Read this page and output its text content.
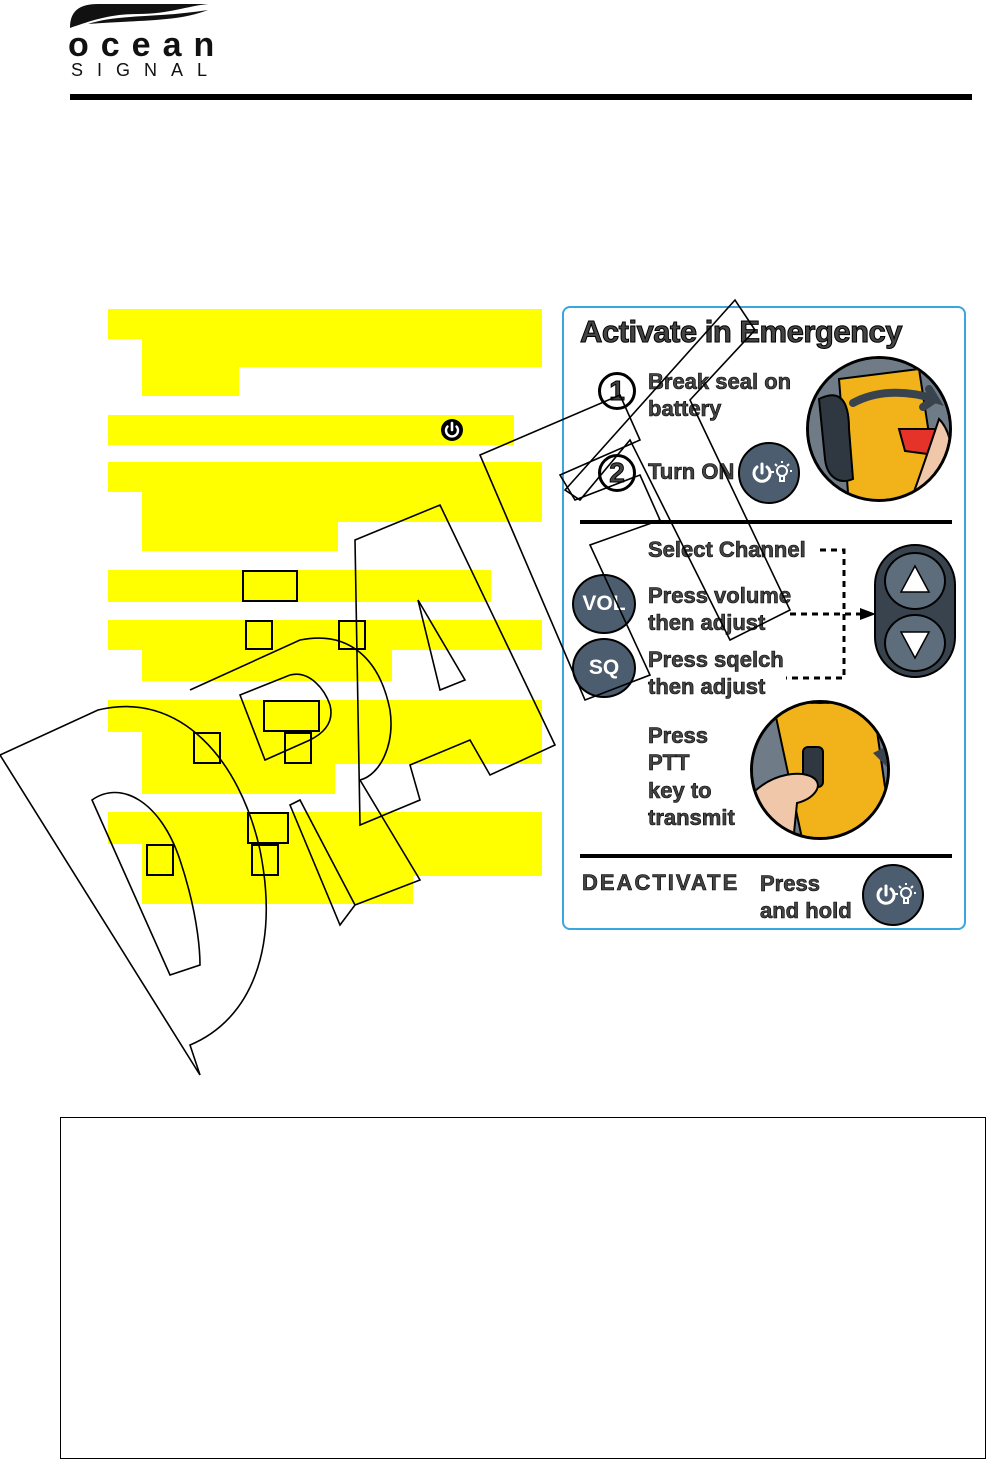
ocean
SIGNAL
Activate in Emergency
1	Break seal on
battery
2	Turn ON
Select Channel
VOL	Press volume
then adjust
SQ	Press sqelch
then adjust
Press
PTT
key to
transmit
DEACTIVATE Press
and hold
